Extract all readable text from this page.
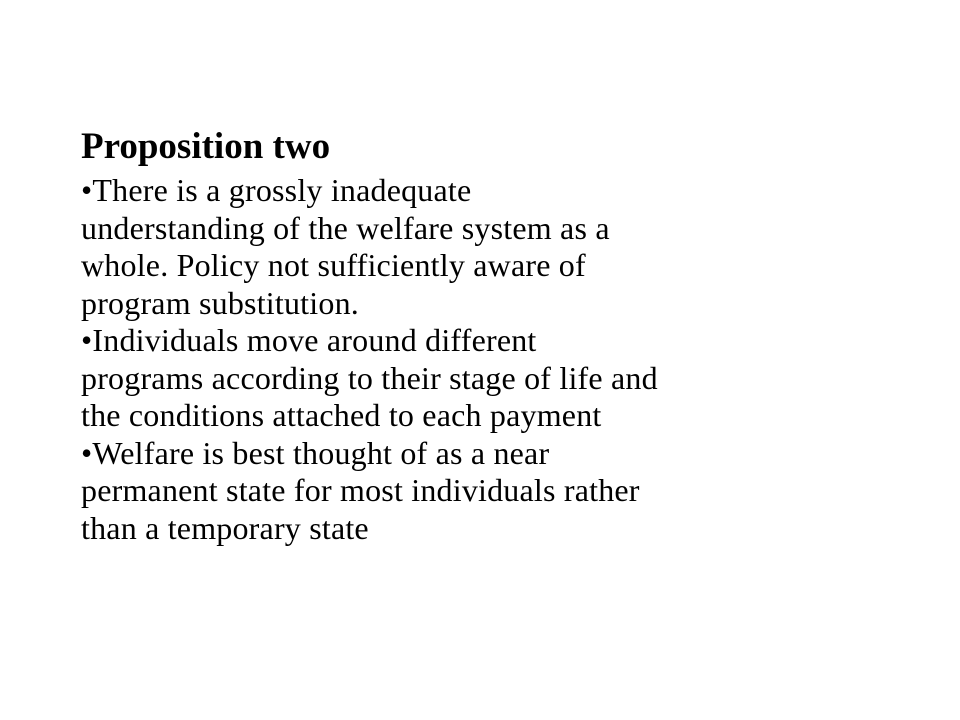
Proposition two

•There is a grossly inadequate
understanding of the welfare system as a
whole. Policy not sufficiently aware of
program substitution.

•Individuals move around different
programs according to their stage of life and
the conditions attached to each payment

•Welfare is best thought of as a near
permanent state for most individuals rather
than a temporary state
